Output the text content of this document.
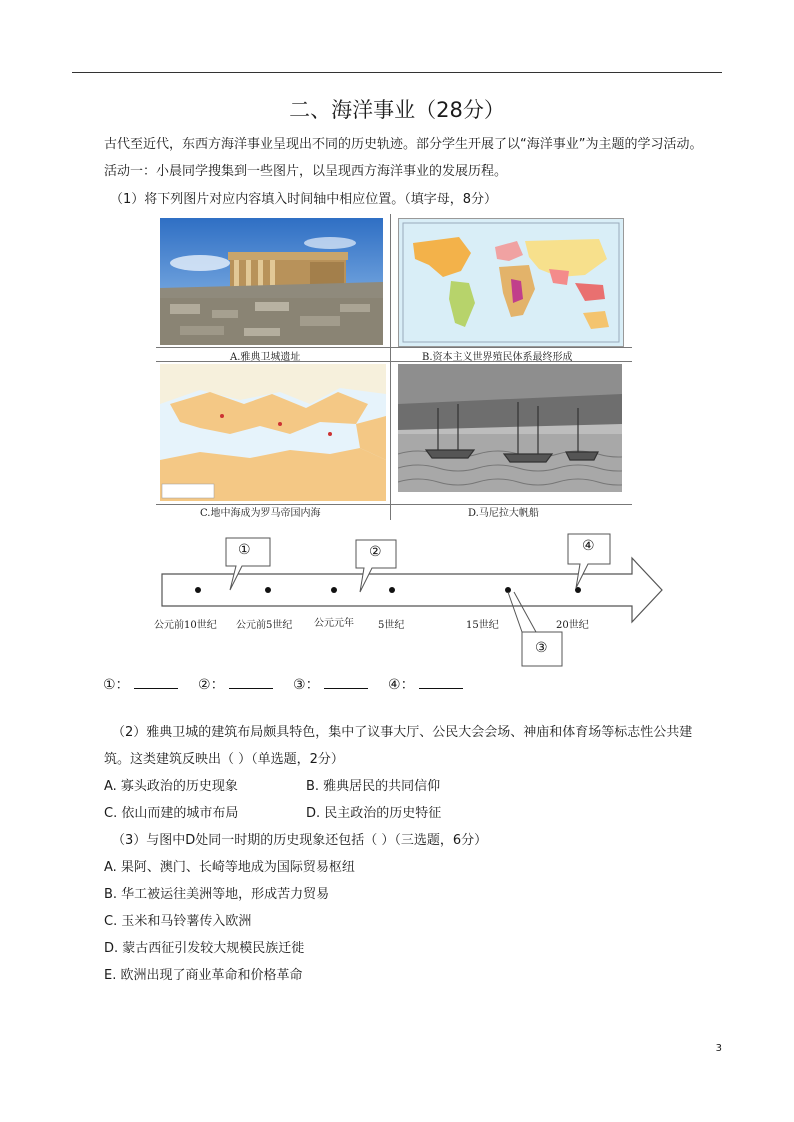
二、海洋事业（28分）
古代至近代，东西方海洋事业呈现出不同的历史轨迹。部分学生开展了以“海洋事业”为主题的学习活动。
活动一：小晨同学搜集到一些图片，以呈现西方海洋事业的发展历程。
（1）将下列图片对应内容填入时间轴中相应位置。（填字母，8分）
A.雅典卫城遗址	B.资本主义世界殖民体系最终形成
C.地中海成为罗马帝国内海	D.马尼拉大帆船
①	②
③
④
公元前10世纪 公元前5世纪 公元元年 5世纪	15世纪	20世纪
①：	②：	③：	④：
（2）雅典卫城的建筑布局颇具特色，集中了议事大厅、公民大会会场、神庙和体育场等标志性公共建
筑。这类建筑反映出（ ）（单选题，2分）
A. 寡头政治的历史现象	B. 雅典居民的共同信仰
C. 依山而建的城市布局	D. 民主政治的历史特征
（3）与图中D处同一时期的历史现象还包括（ ）（三选题，6分）
A. 果阿、澳门、长崎等地成为国际贸易枢纽
B. 华工被运往美洲等地，形成苦力贸易
C. 玉米和马铃薯传入欧洲
D. 蒙古西征引发较大规模民族迁徙
E. 欧洲出现了商业革命和价格革命
3
